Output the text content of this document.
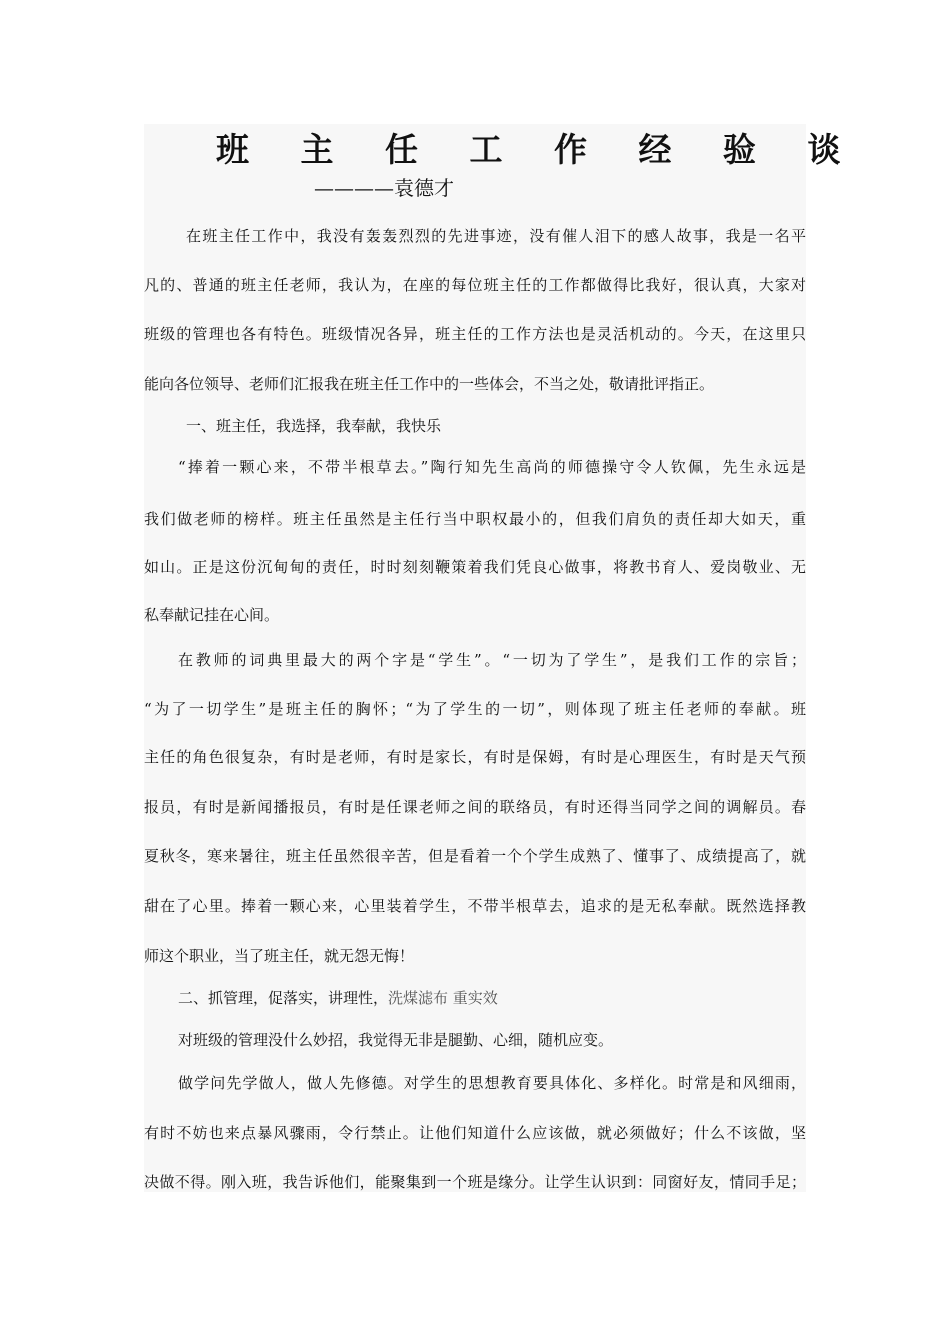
班 主 任 工 作 经 验 谈
————袁德才
在班主任工作中，我没有轰轰烈烈的先进事迹，没有催人泪下的感人故事，我是一名平
凡的、普通的班主任老师，我认为，在座的每位班主任的工作都做得比我好，很认真，大家对
班级的管理也各有特色。班级情况各异，班主任的工作方法也是灵活机动的。今天，在这里只
能向各位领导、老师们汇报我在班主任工作中的一些体会，不当之处，敬请批评指正。
一、班主任，我选择，我奉献，我快乐
“捧着一颗心来，不带半根草去。”陶行知先生高尚的师德操守令人钦佩，先生永远是
我们做老师的榜样。班主任虽然是主任行当中职权最小的，但我们肩负的责任却大如天，重
如山。正是这份沉甸甸的责任，时时刻刻鞭策着我们凭良心做事，将教书育人、爱岗敬业、无
私奉献记挂在心间。
在教师的词典里最大的两个字是“学生”。“一切为了学生”，是我们工作的宗旨；
“为了一切学生”是班主任的胸怀；“为了学生的一切”，则体现了班主任老师的奉献。班
主任的角色很复杂，有时是老师，有时是家长，有时是保姆，有时是心理医生，有时是天气预
报员，有时是新闻播报员，有时是任课老师之间的联络员，有时还得当同学之间的调解员。春
夏秋冬，寒来暑往，班主任虽然很辛苦，但是看着一个个学生成熟了、懂事了、成绩提高了，就
甜在了心里。捧着一颗心来，心里装着学生，不带半根草去，追求的是无私奉献。既然选择教
师这个职业，当了班主任，就无怨无悔！
二、抓管理，促落实，讲理性，洗煤滤布 重实效
对班级的管理没什么妙招，我觉得无非是腿勤、心细，随机应变。
做学问先学做人，做人先修德。对学生的思想教育要具体化、多样化。时常是和风细雨，
有时不妨也来点暴风骤雨，令行禁止。让他们知道什么应该做，就必须做好；什么不该做，坚
决做不得。刚入班，我告诉他们，能聚集到一个班是缘分。让学生认识到：同窗好友，情同手足；
